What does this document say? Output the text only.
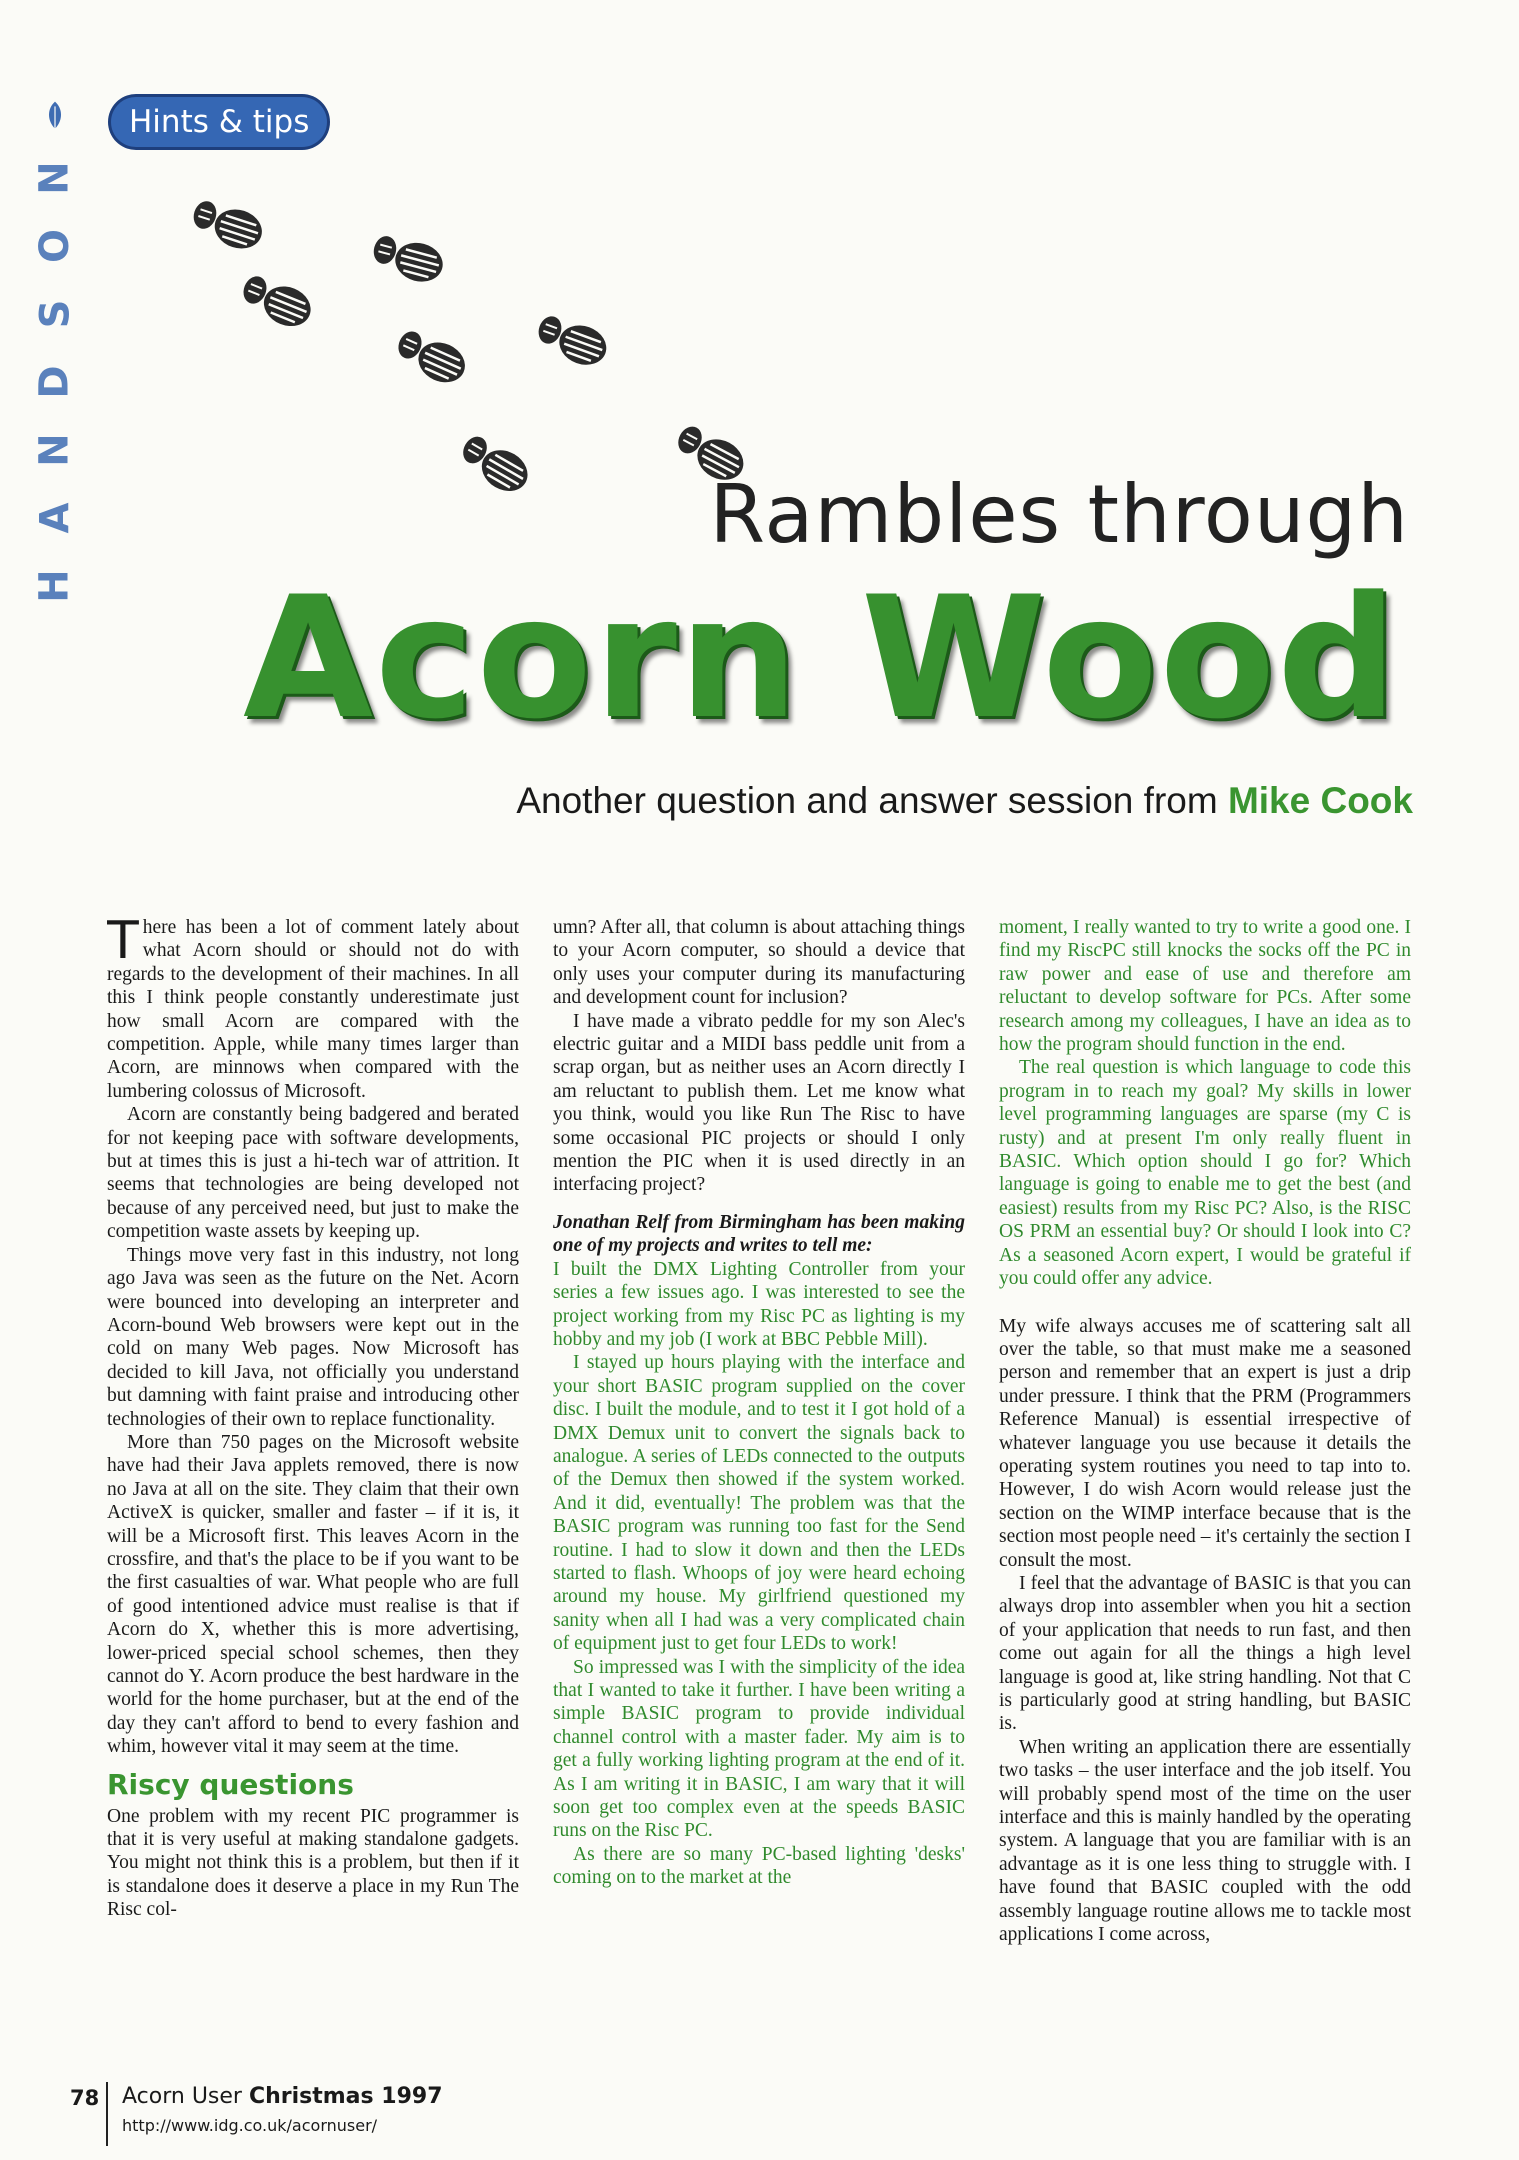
N
O
S
D
N
A
H
Hints & tips
Rambles through
Acorn Wood
Another question and answer session from Mike Cook

There has been a lot of comment lately about what Acorn should or should not do with regards to the development of their machines. In all this I think people constantly underestimate just how small Acorn are compared with the competition. Apple, while many times larger than Acorn, are minnows when compared with the lumbering colossus of Microsoft.

Acorn are constantly being badgered and berated for not keeping pace with software developments, but at times this is just a hi-tech war of attrition. It seems that technologies are being developed not because of any perceived need, but just to make the competition waste assets by keeping up.

Things move very fast in this industry, not long ago Java was seen as the future on the Net. Acorn were bounced into developing an interpreter and Acorn-bound Web browsers were kept out in the cold on many Web pages. Now Microsoft has decided to kill Java, not officially you understand but damning with faint praise and introducing other technologies of their own to replace functionality.

More than 750 pages on the Microsoft website have had their Java applets removed, there is now no Java at all on the site. They claim that their own ActiveX is quicker, smaller and faster – if it is, it will be a Microsoft first. This leaves Acorn in the crossfire, and that's the place to be if you want to be the first casualties of war. What people who are full of good intentioned advice must realise is that if Acorn do X, whether this is more advertising, lower-priced special school schemes, then they cannot do Y. Acorn produce the best hardware in the world for the home purchaser, but at the end of the day they can't afford to bend to every fashion and whim, however vital it may seem at the time.

Riscy questions

One problem with my recent PIC programmer is that it is very useful at making standalone gadgets. You might not think this is a problem, but then if it is standalone does it deserve a place in my Run The Risc col-

umn? After all, that column is about attaching things to your Acorn computer, so should a device that only uses your computer during its manufacturing and development count for inclusion?

I have made a vibrato peddle for my son Alec's electric guitar and a MIDI bass peddle unit from a scrap organ, but as neither uses an Acorn directly I am reluctant to publish them. Let me know what you think, would you like Run The Risc to have some occasional PIC projects or should I only mention the PIC when it is used directly in an interfacing project?

Jonathan Relf from Birmingham has been making one of my projects and writes to tell me:

I built the DMX Lighting Controller from your series a few issues ago. I was interested to see the project working from my Risc PC as lighting is my hobby and my job (I work at BBC Pebble Mill).

I stayed up hours playing with the interface and your short BASIC program supplied on the cover disc. I built the module, and to test it I got hold of a DMX Demux unit to convert the signals back to analogue. A series of LEDs connected to the outputs of the Demux then showed if the system worked. And it did, eventually! The problem was that the BASIC program was running too fast for the Send routine. I had to slow it down and then the LEDs started to flash. Whoops of joy were heard echoing around my house. My girlfriend questioned my sanity when all I had was a very complicated chain of equipment just to get four LEDs to work!

So impressed was I with the simplicity of the idea that I wanted to take it further. I have been writing a simple BASIC program to provide individual channel control with a master fader. My aim is to get a fully working lighting program at the end of it. As I am writing it in BASIC, I am wary that it will soon get too complex even at the speeds BASIC runs on the Risc PC.

As there are so many PC-based lighting 'desks' coming on to the market at the

moment, I really wanted to try to write a good one. I find my RiscPC still knocks the socks off the PC in raw power and ease of use and therefore am reluctant to develop software for PCs. After some research among my colleagues, I have an idea as to how the program should function in the end.

The real question is which language to code this program in to reach my goal? My skills in lower level programming languages are sparse (my C is rusty) and at present I'm only really fluent in BASIC. Which option should I go for? Which language is going to enable me to get the best (and easiest) results from my Risc PC? Also, is the RISC OS PRM an essential buy? Or should I look into C? As a seasoned Acorn expert, I would be grateful if you could offer any advice.

My wife always accuses me of scattering salt all over the table, so that must make me a seasoned person and remember that an expert is just a drip under pressure. I think that the PRM (Programmers Reference Manual) is essential irrespective of whatever language you use because it details the operating system routines you need to tap into to. However, I do wish Acorn would release just the section on the WIMP interface because that is the section most people need – it's certainly the section I consult the most.

I feel that the advantage of BASIC is that you can always drop into assembler when you hit a section of your application that needs to run fast, and then come out again for all the things a high level language is good at, like string handling. Not that C is particularly good at string handling, but BASIC is.

When writing an application there are essentially two tasks – the user interface and the job itself. You will probably spend most of the time on the user interface and this is mainly handled by the operating system. A language that you are familiar with is an advantage as it is one less thing to struggle with. I have found that BASIC coupled with the odd assembly language routine allows me to tackle most applications I come across,

78 Acorn User Christmas 1997
http://www.idg.co.uk/acornuser/
